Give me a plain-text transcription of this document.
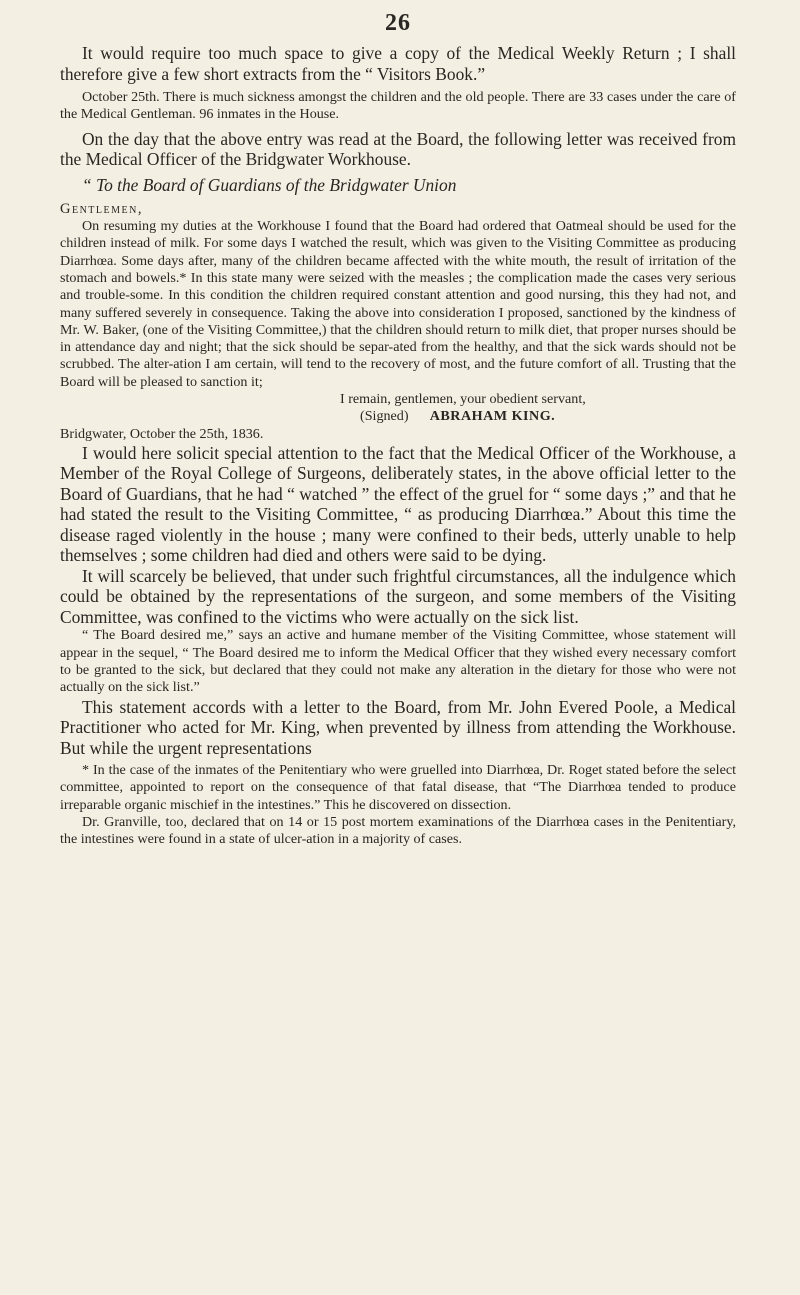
26

It would require too much space to give a copy of the Medical Weekly Return ; I shall therefore give a few short extracts from the “ Visitors Book.”

October 25th. There is much sickness amongst the children and the old people. There are 33 cases under the care of the Medical Gentleman. 96 inmates in the House.

On the day that the above entry was read at the Board, the following letter was received from the Medical Officer of the Bridgwater Workhouse.

“ To the Board of Guardians of the Bridgwater Union

Gentlemen,

On resuming my duties at the Workhouse I found that the Board had ordered that Oatmeal should be used for the children instead of milk. For some days I watched the result, which was given to the Visiting Committee as producing Diarrhœa. Some days after, many of the children became affected with the white mouth, the result of irritation of the stomach and bowels.* In this state many were seized with the measles ; the complication made the cases very serious and trouble-some. In this condition the children required constant attention and good nursing, this they had not, and many suffered severely in consequence. Taking the above into consideration I proposed, sanctioned by the kindness of Mr. W. Baker, (one of the Visiting Committee,) that the children should return to milk diet, that proper nurses should be in attendance day and night; that the sick should be separ-ated from the healthy, and that the sick wards should not be scrubbed. The alter-ation I am certain, will tend to the recovery of most, and the future comfort of all. Trusting that the Board will be pleased to sanction it;

I remain, gentlemen, your obedient servant,

(Signed) ABRAHAM KING.

Bridgwater, October the 25th, 1836.

I would here solicit special attention to the fact that the Medical Officer of the Workhouse, a Member of the Royal College of Surgeons, deliberately states, in the above official letter to the Board of Guardians, that he had “ watched ” the effect of the gruel for “ some days ;” and that he had stated the result to the Visiting Committee, “ as producing Diarrhœa.” About this time the disease raged violently in the house ; many were confined to their beds, utterly unable to help themselves ; some children had died and others were said to be dying.

It will scarcely be believed, that under such frightful circumstances, all the indulgence which could be obtained by the representations of the surgeon, and some members of the Visiting Committee, was confined to the victims who were actually on the sick list.

“ The Board desired me,” says an active and humane member of the Visiting Committee, whose statement will appear in the sequel, “ The Board desired me to inform the Medical Officer that they wished every necessary comfort to be granted to the sick, but declared that they could not make any alteration in the dietary for those who were not actually on the sick list.”

This statement accords with a letter to the Board, from Mr. John Evered Poole, a Medical Practitioner who acted for Mr. King, when prevented by illness from attending the Workhouse. But while the urgent representations

* In the case of the inmates of the Penitentiary who were gruelled into Diarrhœa, Dr. Roget stated before the select committee, appointed to report on the consequence of that fatal disease, that “The Diarrhœa tended to produce irreparable organic mischief in the intestines.” This he discovered on dissection.

Dr. Granville, too, declared that on 14 or 15 post mortem examinations of the Diarrhœa cases in the Penitentiary, the intestines were found in a state of ulcer-ation in a majority of cases.
